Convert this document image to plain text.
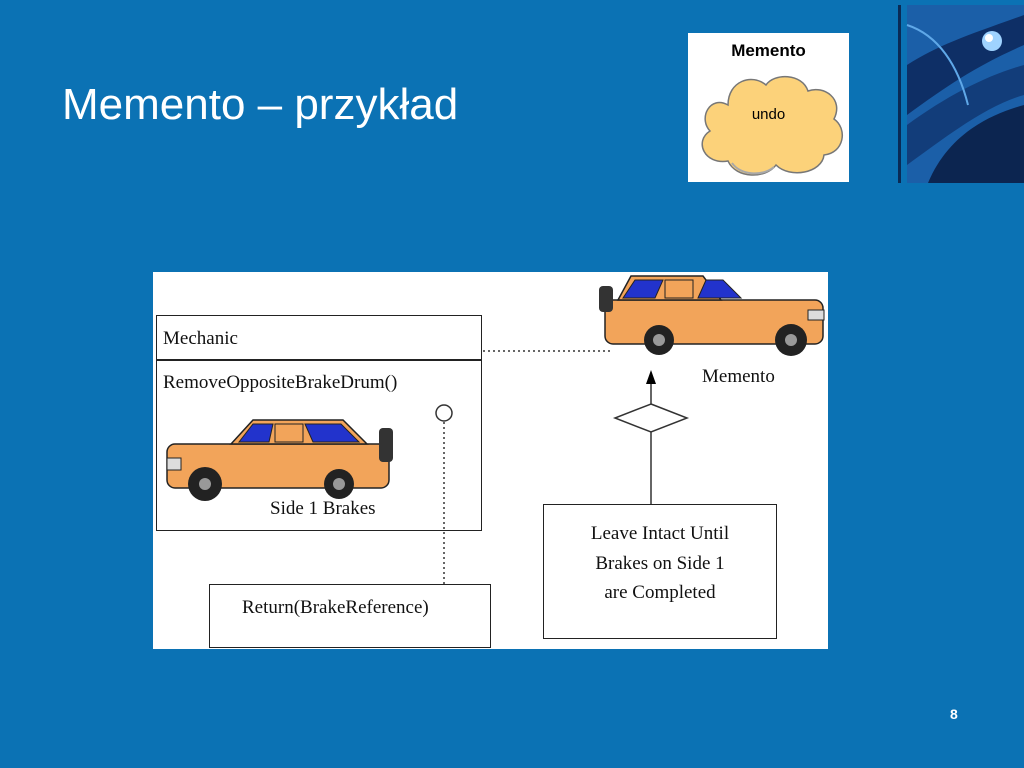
Memento – przykład
Memento
undo
Mechanic
RemoveOppositeBrakeDrum()
Side 1 Brakes
Return(BrakeReference)
Memento
Leave Intact Until
Brakes on Side 1
are Completed
8
